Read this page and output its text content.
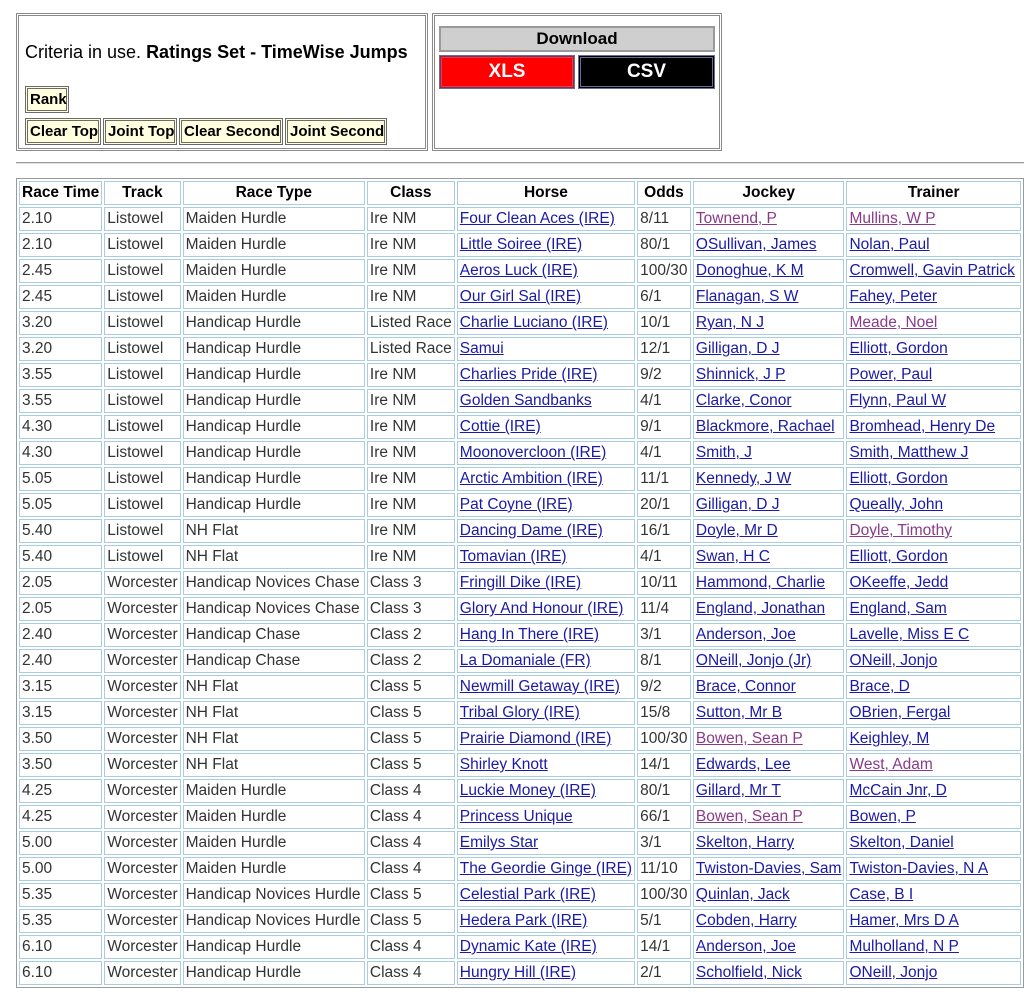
Criteria in use. Ratings Set - TimeWise Jumps
Rank
Clear Top Joint Top Clear Second Joint Second
Download
XLS	CSV
Race Time	Track	Race Type	Class	Horse	Odds	Jockey	Trainer
2.10	Listowel	Maiden Hurdle	Ire NM	Four Clean Aces (IRE)	8/11	Townend, P	Mullins, W P
2.10	Listowel	Maiden Hurdle	Ire NM	Little Soiree (IRE)	80/1	OSullivan, James	Nolan, Paul
2.45	Listowel	Maiden Hurdle	Ire NM	Aeros Luck (IRE)	100/30	Donoghue, K M	Cromwell, Gavin Patrick
2.45	Listowel	Maiden Hurdle	Ire NM	Our Girl Sal (IRE)	6/1	Flanagan, S W	Fahey, Peter
3.20	Listowel	Handicap Hurdle	Listed Race	Charlie Luciano (IRE)	10/1	Ryan, N J	Meade, Noel
3.20	Listowel	Handicap Hurdle	Listed Race	Samui	12/1	Gilligan, D J	Elliott, Gordon
3.55	Listowel	Handicap Hurdle	Ire NM	Charlies Pride (IRE)	9/2	Shinnick, J P	Power, Paul
3.55	Listowel	Handicap Hurdle	Ire NM	Golden Sandbanks	4/1	Clarke, Conor	Flynn, Paul W
4.30	Listowel	Handicap Hurdle	Ire NM	Cottie (IRE)	9/1	Blackmore, Rachael	Bromhead, Henry De
4.30	Listowel	Handicap Hurdle	Ire NM	Moonovercloon (IRE)	4/1	Smith, J	Smith, Matthew J
5.05	Listowel	Handicap Hurdle	Ire NM	Arctic Ambition (IRE)	11/1	Kennedy, J W	Elliott, Gordon
5.05	Listowel	Handicap Hurdle	Ire NM	Pat Coyne (IRE)	20/1	Gilligan, D J	Queally, John
5.40	Listowel	NH Flat	Ire NM	Dancing Dame (IRE)	16/1	Doyle, Mr D	Doyle, Timothy
5.40	Listowel	NH Flat	Ire NM	Tomavian (IRE)	4/1	Swan, H C	Elliott, Gordon
2.05	Worcester	Handicap Novices Chase	Class 3	Fringill Dike (IRE)	10/11	Hammond, Charlie	OKeeffe, Jedd
2.05	Worcester	Handicap Novices Chase	Class 3	Glory And Honour (IRE)	11/4	England, Jonathan	England, Sam
2.40	Worcester	Handicap Chase	Class 2	Hang In There (IRE)	3/1	Anderson, Joe	Lavelle, Miss E C
2.40	Worcester	Handicap Chase	Class 2	La Domaniale (FR)	8/1	ONeill, Jonjo (Jr)	ONeill, Jonjo
3.15	Worcester	NH Flat	Class 5	Newmill Getaway (IRE)	9/2	Brace, Connor	Brace, D
3.15	Worcester	NH Flat	Class 5	Tribal Glory (IRE)	15/8	Sutton, Mr B	OBrien, Fergal
3.50	Worcester	NH Flat	Class 5	Prairie Diamond (IRE)	100/30	Bowen, Sean P	Keighley, M
3.50	Worcester	NH Flat	Class 5	Shirley Knott	14/1	Edwards, Lee	West, Adam
4.25	Worcester	Maiden Hurdle	Class 4	Luckie Money (IRE)	80/1	Gillard, Mr T	McCain Jnr, D
4.25	Worcester	Maiden Hurdle	Class 4	Princess Unique	66/1	Bowen, Sean P	Bowen, P
5.00	Worcester	Maiden Hurdle	Class 4	Emilys Star	3/1	Skelton, Harry	Skelton, Daniel
5.00	Worcester	Maiden Hurdle	Class 4	The Geordie Ginge (IRE)	11/10	Twiston-Davies, Sam	Twiston-Davies, N A
5.35	Worcester	Handicap Novices Hurdle	Class 5	Celestial Park (IRE)	100/30	Quinlan, Jack	Case, B I
5.35	Worcester	Handicap Novices Hurdle	Class 5	Hedera Park (IRE)	5/1	Cobden, Harry	Hamer, Mrs D A
6.10	Worcester	Handicap Hurdle	Class 4	Dynamic Kate (IRE)	14/1	Anderson, Joe	Mulholland, N P
6.10	Worcester	Handicap Hurdle	Class 4	Hungry Hill (IRE)	2/1	Scholfield, Nick	ONeill, Jonjo
